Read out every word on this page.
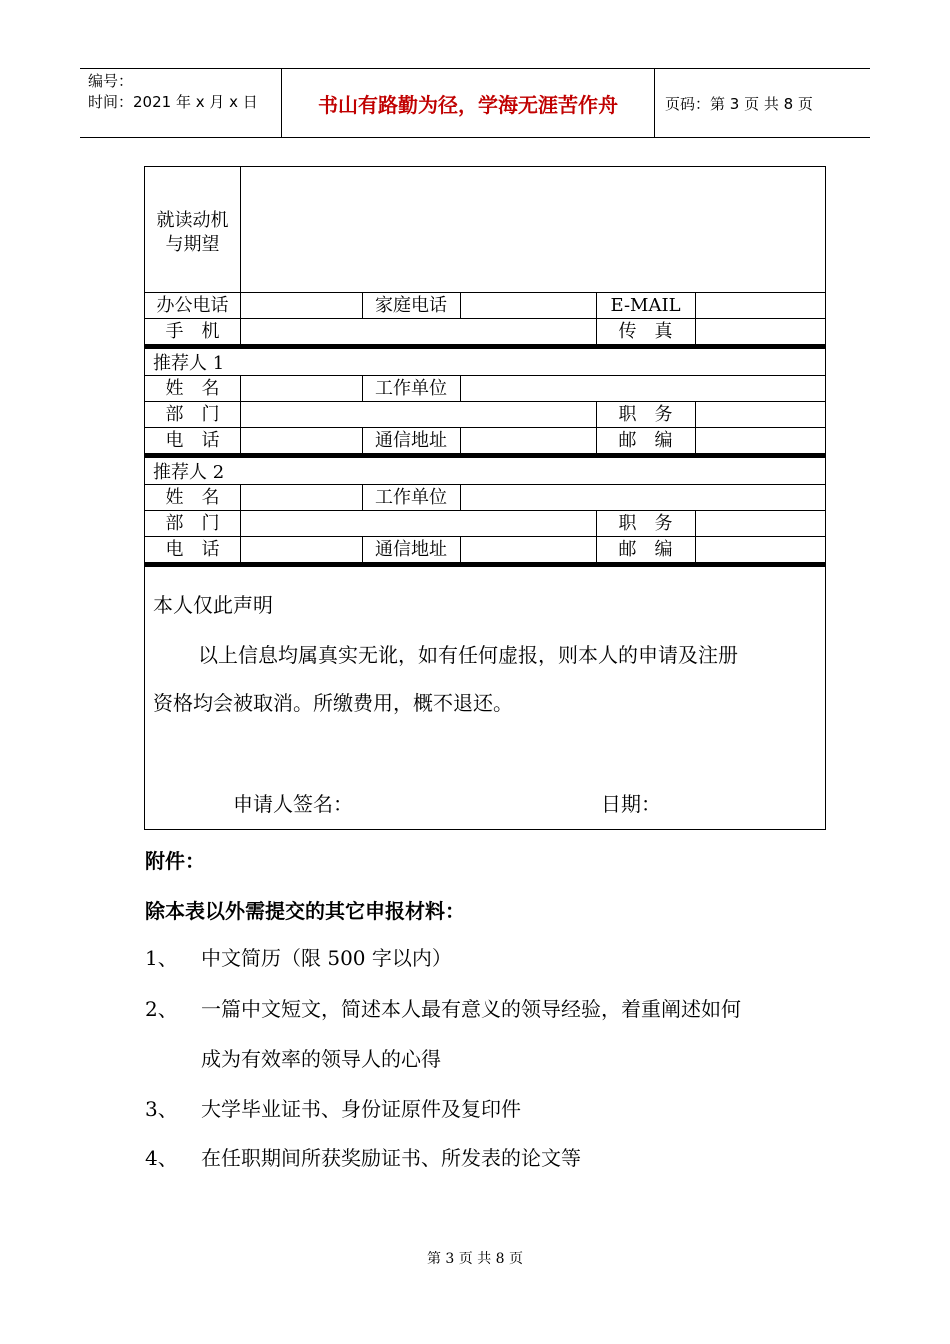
编号：
时间：2021 年 x 月 x 日	书山有路勤为径，学海无涯苦作舟	页码：第 3 页 共 8 页
就读动机
与期望
办公电话	家庭电话	E-MAIL
手　机	传　真
推荐人 1
姓　名	工作单位
部　门	职　务
电　话	通信地址	邮　编
推荐人 2
姓　名	工作单位
部　门	职　务
电　话	通信地址	邮　编
本人仅此声明
以上信息均属真实无讹，如有任何虚报，则本人的申请及注册
资格均会被取消。所缴费用，概不退还。
申请人签名：	日期：
附件：
除本表以外需提交的其它申报材料：
1、 中文简历（限 500 字以内）
2、 一篇中文短文，简述本人最有意义的领导经验，着重阐述如何
成为有效率的领导人的心得
3、 大学毕业证书、身份证原件及复印件
4、 在任职期间所获奖励证书、所发表的论文等
第 3 页 共 8 页
